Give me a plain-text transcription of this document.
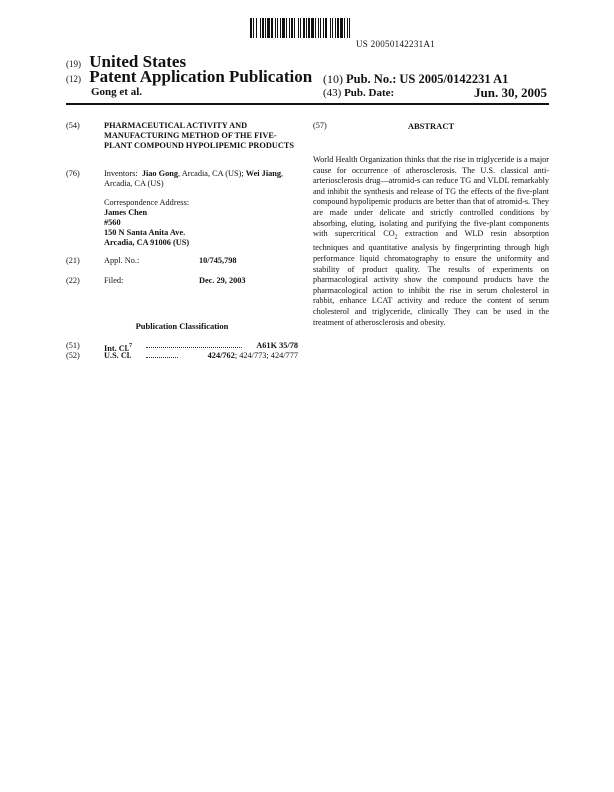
US 20050142231A1
(19) United States
(12) Patent Application Publication
Gong et al.
(10) Pub. No.: US 2005/0142231 A1
(43) Pub. Date:	Jun. 30, 2005
(54)	PHARMACEUTICAL ACTIVITY AND MANUFACTURING METHOD OF THE FIVE-PLANT COMPOUND HYPOLIPEMIC PRODUCTS
(76)	Inventors: Jiao Gong, Arcadia, CA (US); Wei Jiang, Arcadia, CA (US)
Correspondence Address:
James Chen
#560
150 N Santa Anita Ave.
Arcadia, CA 91006 (US)
(21)	Appl. No.:	10/745,798
(22)	Filed:	Dec. 29, 2003
Publication Classification
(51)	Int. Cl.$^7$	A61K 35/78
(52)	U.S. Cl.	424/762; 424/773; 424/777
(57)	ABSTRACT
World Health Organization thinks that the rise in triglyceride is a major cause for occurrence of atherosclerosis. The U.S. classical anti-arteriosclerosis drug—atromid-s can reduce TG and VLDL remarkably and inhibit the synthesis and release of TG the effects of the five-plant compound hypolipemic products are better than that of atromid-s. They are made under delicate and strictly controlled conditions by absorbing, eluting, isolating and purifying the five-plant components with supercritical $CO_2$ extraction and WLD resin absorption techniques and quantitative analysis by fingerprinting through high performance liquid chromatography to ensure the uniformity and stability of product quality. The results of experiments on pharmacological activity show the compound products have the pharmacological action to inhibit the rise in serum cholesterol in rabbit, enhance LCAT activity and reduce the content of serum cholesterol and triglyceride, clinically They can be used in the treatment of atherosclerosis and obesity.
